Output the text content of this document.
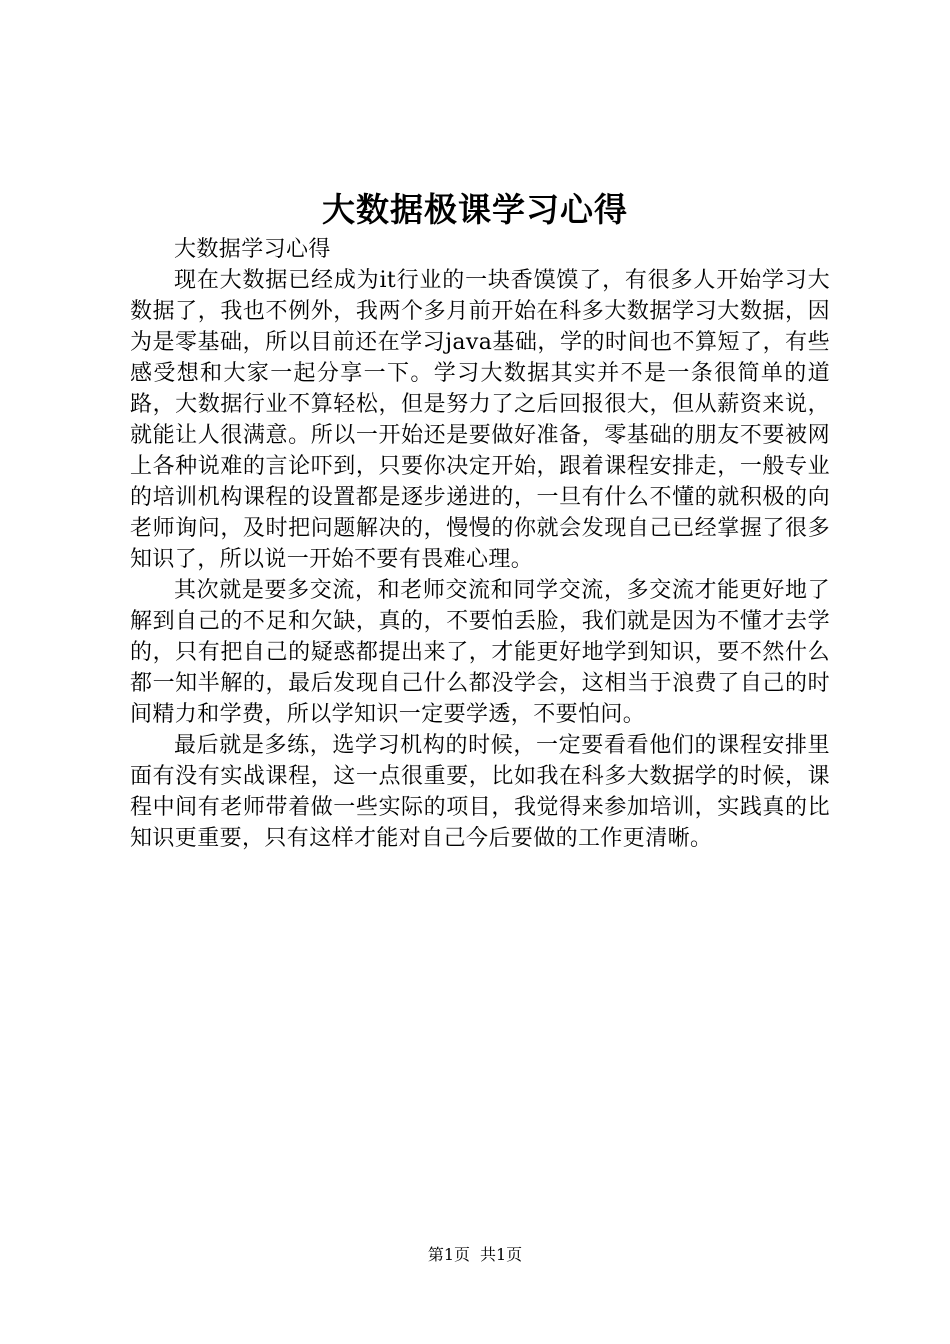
大数据极课学习心得

大数据学习心得

现在大数据已经成为it行业的一块香馍馍了，有很多人开始学习大数据了，我也不例外，我两个多月前开始在科多大数据学习大数据，因为是零基础，所以目前还在学习java基础，学的时间也不算短了，有些感受想和大家一起分享一下。学习大数据其实并不是一条很简单的道路，大数据行业不算轻松，但是努力了之后回报很大，但从薪资来说，就能让人很满意。所以一开始还是要做好准备，零基础的朋友不要被网上各种说难的言论吓到，只要你决定开始，跟着课程安排走，一般专业的培训机构课程的设置都是逐步递进的，一旦有什么不懂的就积极的向老师询问，及时把问题解决的，慢慢的你就会发现自己已经掌握了很多知识了，所以说一开始不要有畏难心理。

其次就是要多交流，和老师交流和同学交流，多交流才能更好地了解到自己的不足和欠缺，真的，不要怕丢脸，我们就是因为不懂才去学的，只有把自己的疑惑都提出来了，才能更好地学到知识，要不然什么都一知半解的，最后发现自己什么都没学会，这相当于浪费了自己的时间精力和学费，所以学知识一定要学透，不要怕问。

最后就是多练，选学习机构的时候，一定要看看他们的课程安排里面有没有实战课程，这一点很重要，比如我在科多大数据学的时候，课程中间有老师带着做一些实际的项目，我觉得来参加培训，实践真的比知识更重要，只有这样才能对自己今后要做的工作更清晰。

第1页 共1页
